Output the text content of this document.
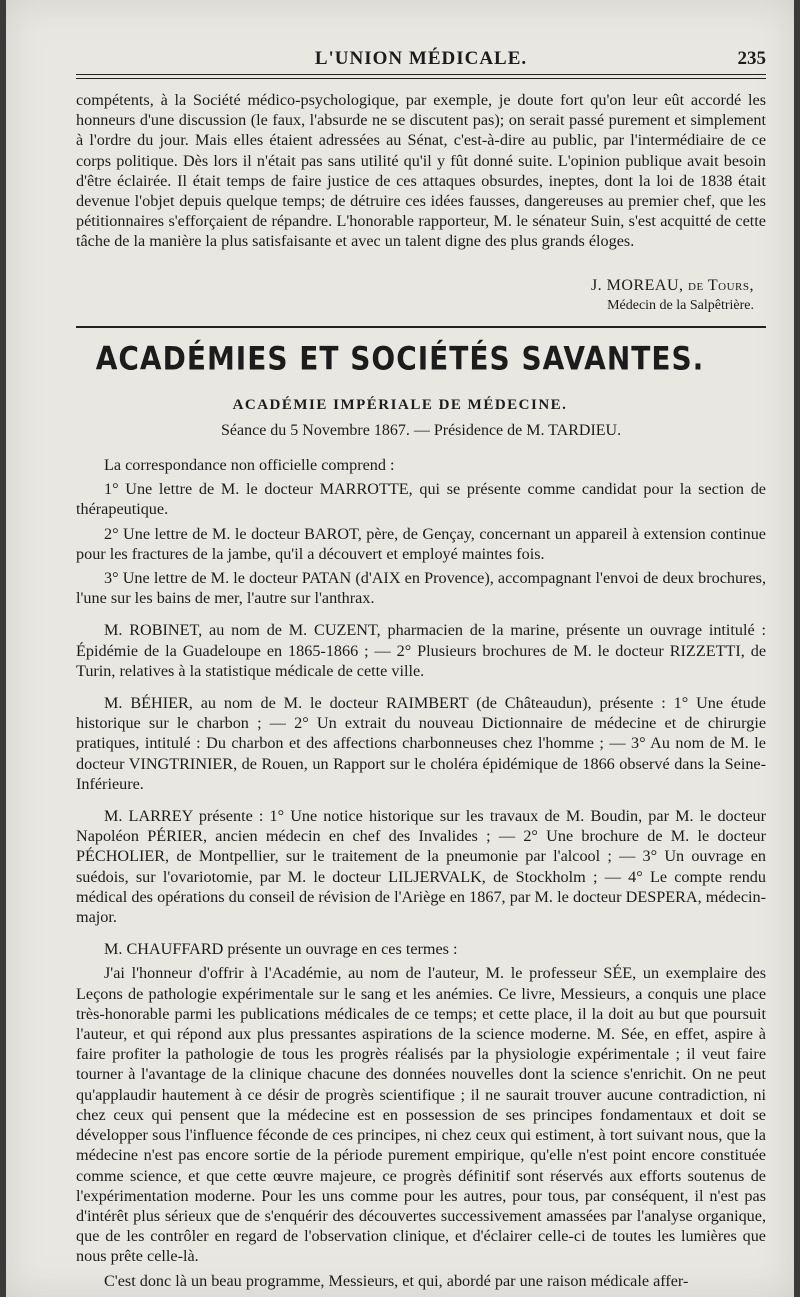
L'UNION MÉDICALE.	235

compétents, à la Société médico-psychologique, par exemple, je doute fort qu'on leur eût accordé les honneurs d'une discussion (le faux, l'absurde ne se discutent pas); on serait passé purement et simplement à l'ordre du jour. Mais elles étaient adressées au Sénat, c'est-à-dire au public, par l'intermédiaire de ce corps politique. Dès lors il n'était pas sans utilité qu'il y fût donné suite. L'opinion publique avait besoin d'être éclairée. Il était temps de faire justice de ces attaques obsurdes, ineptes, dont la loi de 1838 était devenue l'objet depuis quelque temps; de détruire ces idées fausses, dangereuses au premier chef, que les pétitionnaires s'efforçaient de répandre. L'honorable rapporteur, M. le sénateur Suin, s'est acquitté de cette tâche de la manière la plus satisfaisante et avec un talent digne des plus grands éloges.

J. MOREAU, de Tours,
Médecin de la Salpêtrière.
ACADÉMIES ET SOCIÉTÉS SAVANTES.
ACADÉMIE IMPÉRIALE DE MÉDECINE.
Séance du 5 Novembre 1867. — Présidence de M. TARDIEU.

La correspondance non officielle comprend :

1° Une lettre de M. le docteur MARROTTE, qui se présente comme candidat pour la section de thérapeutique.

2° Une lettre de M. le docteur BAROT, père, de Gençay, concernant un appareil à extension continue pour les fractures de la jambe, qu'il a découvert et employé maintes fois.

3° Une lettre de M. le docteur PATAN (d'AIX en Provence), accompagnant l'envoi de deux brochures, l'une sur les bains de mer, l'autre sur l'anthrax.

M. ROBINET, au nom de M. CUZENT, pharmacien de la marine, présente un ouvrage intitulé : Épidémie de la Guadeloupe en 1865-1866 ; — 2° Plusieurs brochures de M. le docteur RIZZETTI, de Turin, relatives à la statistique médicale de cette ville.

M. BÉHIER, au nom de M. le docteur RAIMBERT (de Châteaudun), présente : 1° Une étude historique sur le charbon ; — 2° Un extrait du nouveau Dictionnaire de médecine et de chirurgie pratiques, intitulé : Du charbon et des affections charbonneuses chez l'homme ; — 3° Au nom de M. le docteur VINGTRINIER, de Rouen, un Rapport sur le choléra épidémique de 1866 observé dans la Seine-Inférieure.

M. LARREY présente : 1° Une notice historique sur les travaux de M. Boudin, par M. le docteur Napoléon PÉRIER, ancien médecin en chef des Invalides ; — 2° Une brochure de M. le docteur PÉCHOLIER, de Montpellier, sur le traitement de la pneumonie par l'alcool ; — 3° Un ouvrage en suédois, sur l'ovariotomie, par M. le docteur LILJERVALK, de Stockholm ; — 4° Le compte rendu médical des opérations du conseil de révision de l'Ariège en 1867, par M. le docteur DESPERA, médecin-major.

M. CHAUFFARD présente un ouvrage en ces termes :

J'ai l'honneur d'offrir à l'Académie, au nom de l'auteur, M. le professeur SÉE, un exemplaire des Leçons de pathologie expérimentale sur le sang et les anémies. Ce livre, Messieurs, a conquis une place très-honorable parmi les publications médicales de ce temps; et cette place, il la doit au but que poursuit l'auteur, et qui répond aux plus pressantes aspirations de la science moderne. M. Sée, en effet, aspire à faire profiter la pathologie de tous les progrès réalisés par la physiologie expérimentale ; il veut faire tourner à l'avantage de la clinique chacune des données nouvelles dont la science s'enrichit. On ne peut qu'applaudir hautement à ce désir de progrès scientifique ; il ne saurait trouver aucune contradiction, ni chez ceux qui pensent que la médecine est en possession de ses principes fondamentaux et doit se développer sous l'influence féconde de ces principes, ni chez ceux qui estiment, à tort suivant nous, que la médecine n'est pas encore sortie de la période purement empirique, qu'elle n'est point encore constituée comme science, et que cette œuvre majeure, ce progrès définitif sont réservés aux efforts soutenus de l'expérimentation moderne. Pour les uns comme pour les autres, pour tous, par conséquent, il n'est pas d'intérêt plus sérieux que de s'enquérir des découvertes successivement amassées par l'analyse organique, que de les contrôler en regard de l'observation clinique, et d'éclairer celle-ci de toutes les lumières que nous prête celle-là.

C'est donc là un beau programme, Messieurs, et qui, abordé par une raison médicale affer-
